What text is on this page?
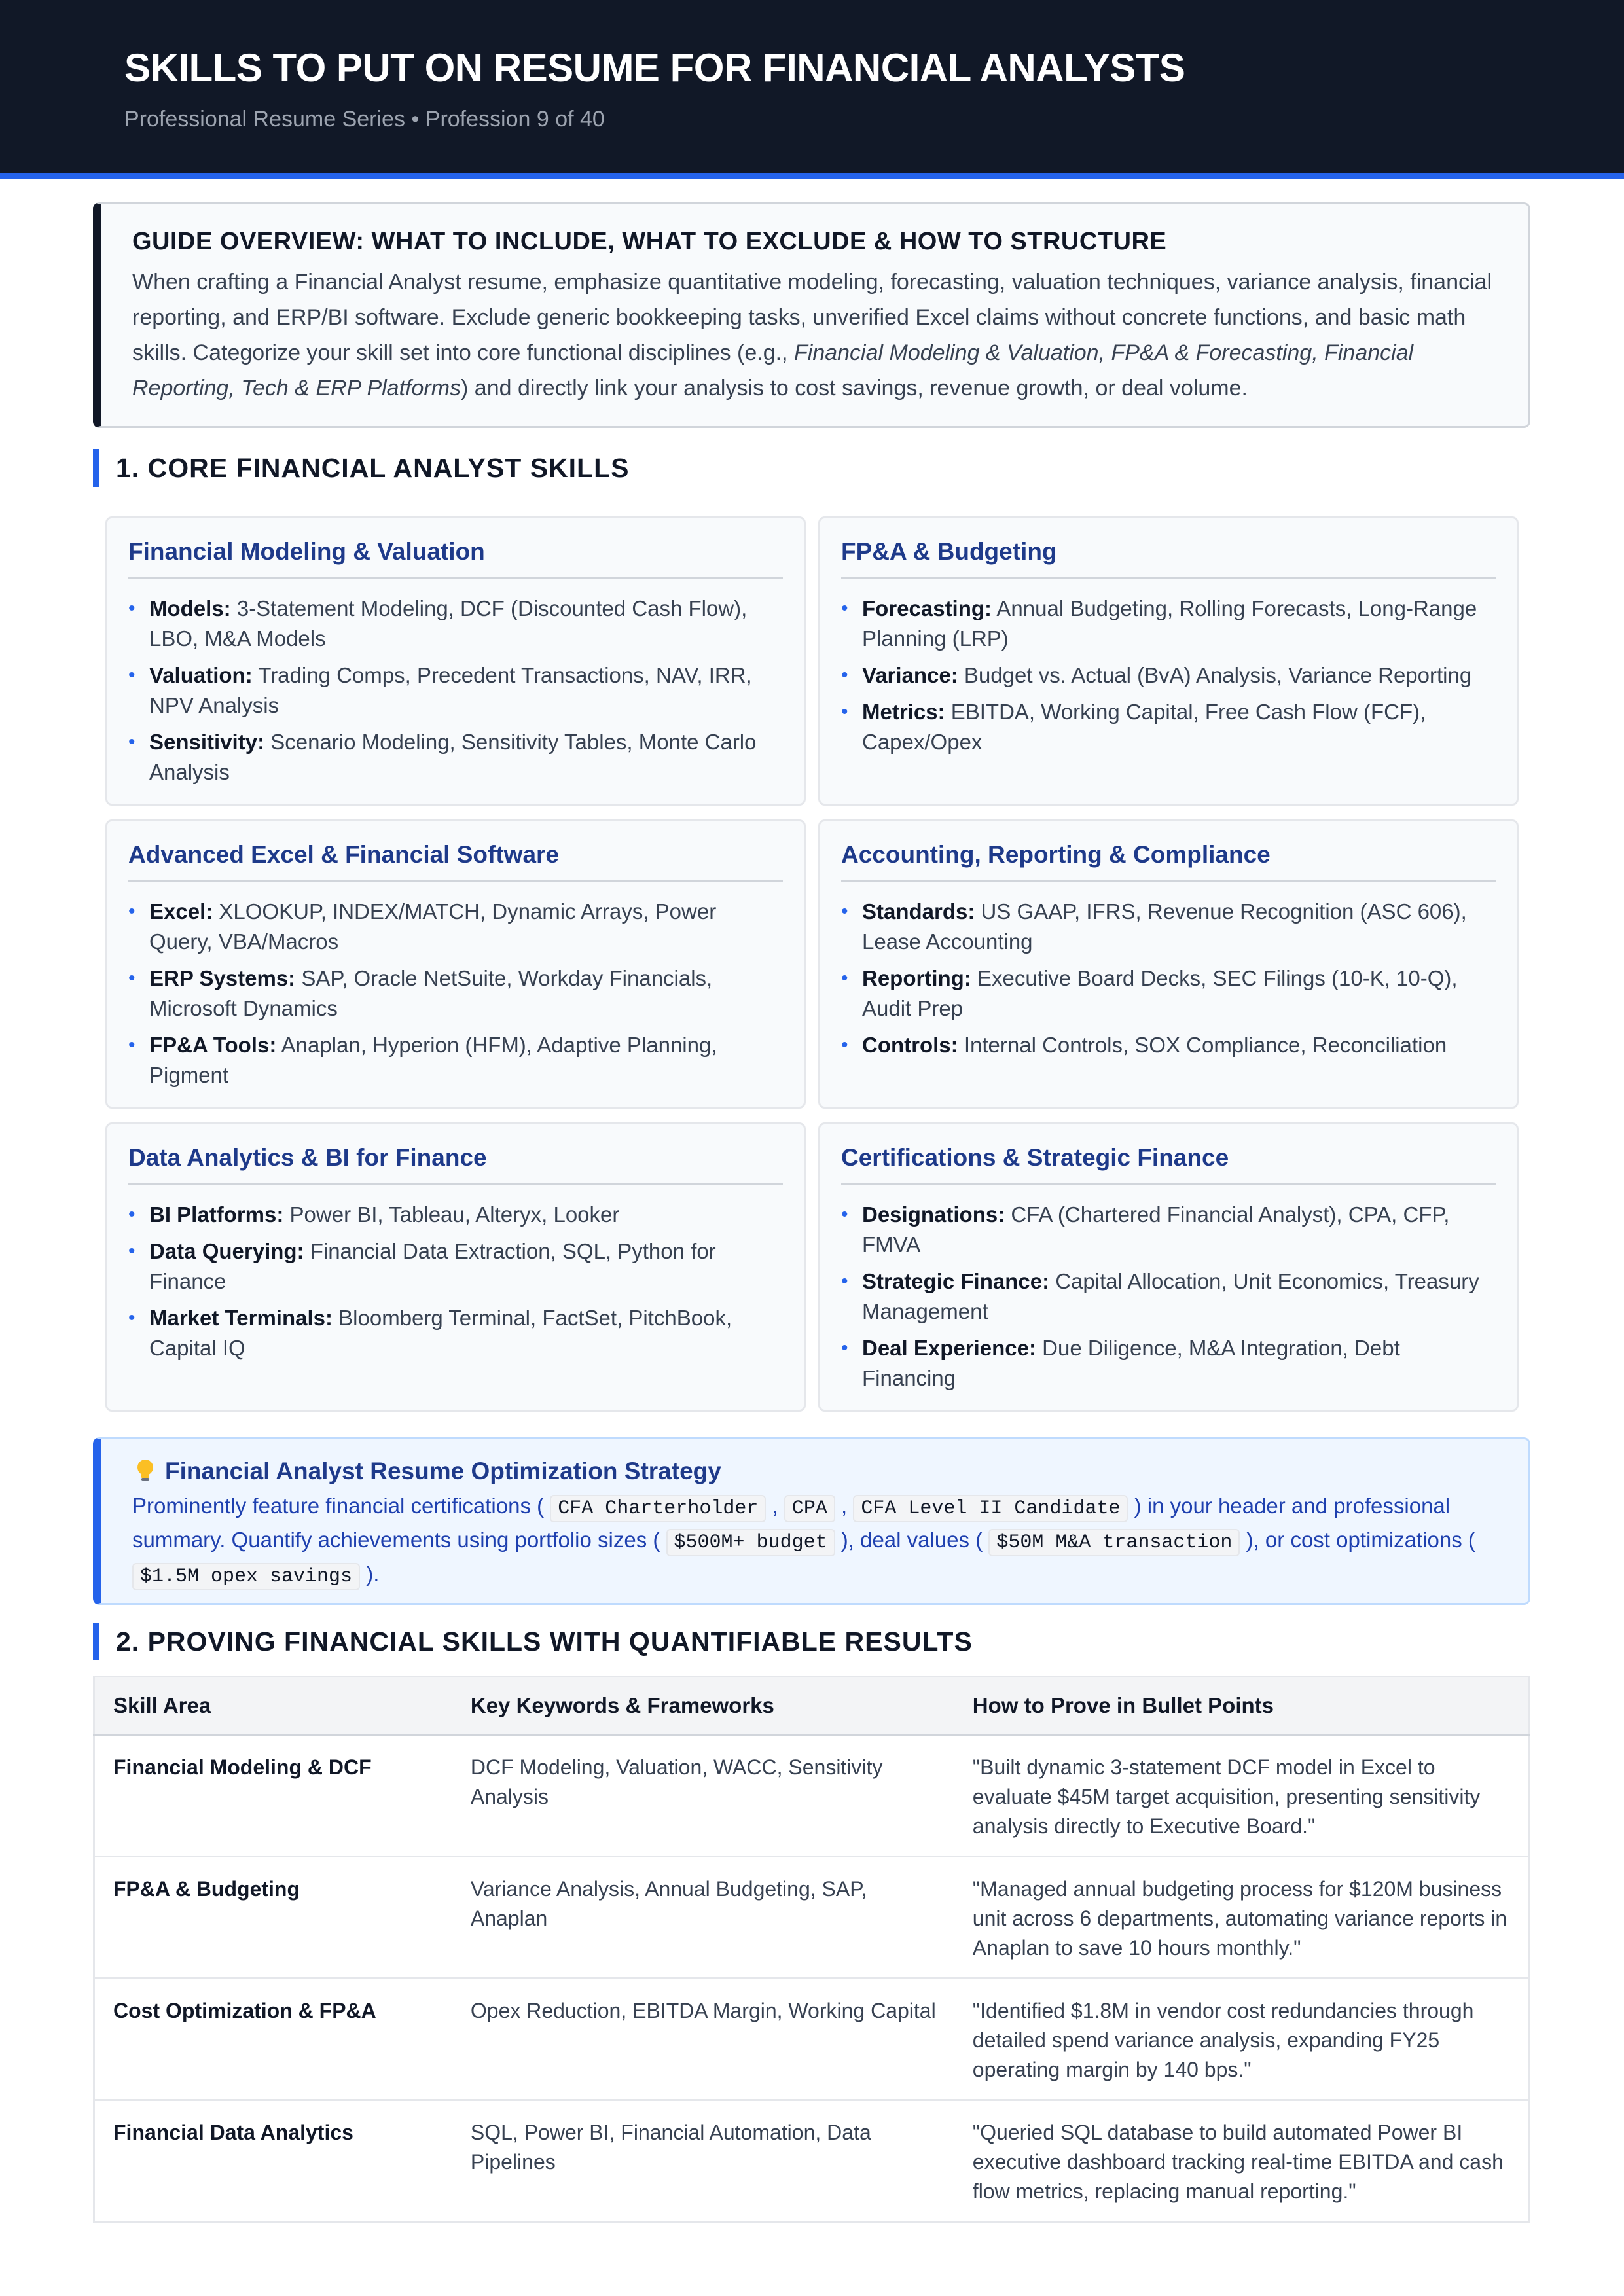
SKILLS TO PUT ON RESUME FOR FINANCIAL ANALYSTS
Professional Resume Series • Profession 9 of 40
GUIDE OVERVIEW: WHAT TO INCLUDE, WHAT TO EXCLUDE & HOW TO STRUCTURE
When crafting a Financial Analyst resume, emphasize quantitative modeling, forecasting, valuation techniques, variance analysis, financial reporting, and ERP/BI software. Exclude generic bookkeeping tasks, unverified Excel claims without concrete functions, and basic math skills. Categorize your skill set into core functional disciplines (e.g., Financial Modeling & Valuation, FP&A & Forecasting, Financial Reporting, Tech & ERP Platforms) and directly link your analysis to cost savings, revenue growth, or deal volume.
1. CORE FINANCIAL ANALYST SKILLS
Financial Modeling & Valuation
• Models: 3-Statement Modeling, DCF (Discounted Cash Flow), LBO, M&A Models
• Valuation: Trading Comps, Precedent Transactions, NAV, IRR, NPV Analysis
• Sensitivity: Scenario Modeling, Sensitivity Tables, Monte Carlo Analysis
FP&A & Budgeting
• Forecasting: Annual Budgeting, Rolling Forecasts, Long-Range Planning (LRP)
• Variance: Budget vs. Actual (BvA) Analysis, Variance Reporting
• Metrics: EBITDA, Working Capital, Free Cash Flow (FCF), Capex/Opex
Advanced Excel & Financial Software
• Excel: XLOOKUP, INDEX/MATCH, Dynamic Arrays, Power Query, VBA/Macros
• ERP Systems: SAP, Oracle NetSuite, Workday Financials, Microsoft Dynamics
• FP&A Tools: Anaplan, Hyperion (HFM), Adaptive Planning, Pigment
Accounting, Reporting & Compliance
• Standards: US GAAP, IFRS, Revenue Recognition (ASC 606), Lease Accounting
• Reporting: Executive Board Decks, SEC Filings (10-K, 10-Q), Audit Prep
• Controls: Internal Controls, SOX Compliance, Reconciliation
Data Analytics & BI for Finance
• BI Platforms: Power BI, Tableau, Alteryx, Looker
• Data Querying: Financial Data Extraction, SQL, Python for Finance
• Market Terminals: Bloomberg Terminal, FactSet, PitchBook, Capital IQ
Certifications & Strategic Finance
• Designations: CFA (Chartered Financial Analyst), CPA, CFP, FMVA
• Strategic Finance: Capital Allocation, Unit Economics, Treasury Management
• Deal Experience: Due Diligence, M&A Integration, Debt Financing
Financial Analyst Resume Optimization Strategy
Prominently feature financial certifications ( CFA Charterholder , CPA , CFA Level II Candidate ) in your header and professional summary. Quantify achievements using portfolio sizes ( $500M+ budget ), deal values ( $50M M&A transaction ), or cost optimizations ( $1.5M opex savings ).
2. PROVING FINANCIAL SKILLS WITH QUANTIFIABLE RESULTS
Skill Area	Key Keywords & Frameworks	How to Prove in Bullet Points
Financial Modeling & DCF	DCF Modeling, Valuation, WACC, Sensitivity Analysis	"Built dynamic 3-statement DCF model in Excel to evaluate $45M target acquisition, presenting sensitivity analysis directly to Executive Board."
FP&A & Budgeting	Variance Analysis, Annual Budgeting, SAP, Anaplan	"Managed annual budgeting process for $120M business unit across 6 departments, automating variance reports in Anaplan to save 10 hours monthly."
Cost Optimization & FP&A	Opex Reduction, EBITDA Margin, Working Capital	"Identified $1.8M in vendor cost redundancies through detailed spend variance analysis, expanding FY25 operating margin by 140 bps."
Financial Data Analytics	SQL, Power BI, Financial Automation, Data Pipelines	"Queried SQL database to build automated Power BI executive dashboard tracking real-time EBITDA and cash flow metrics, replacing manual reporting."
